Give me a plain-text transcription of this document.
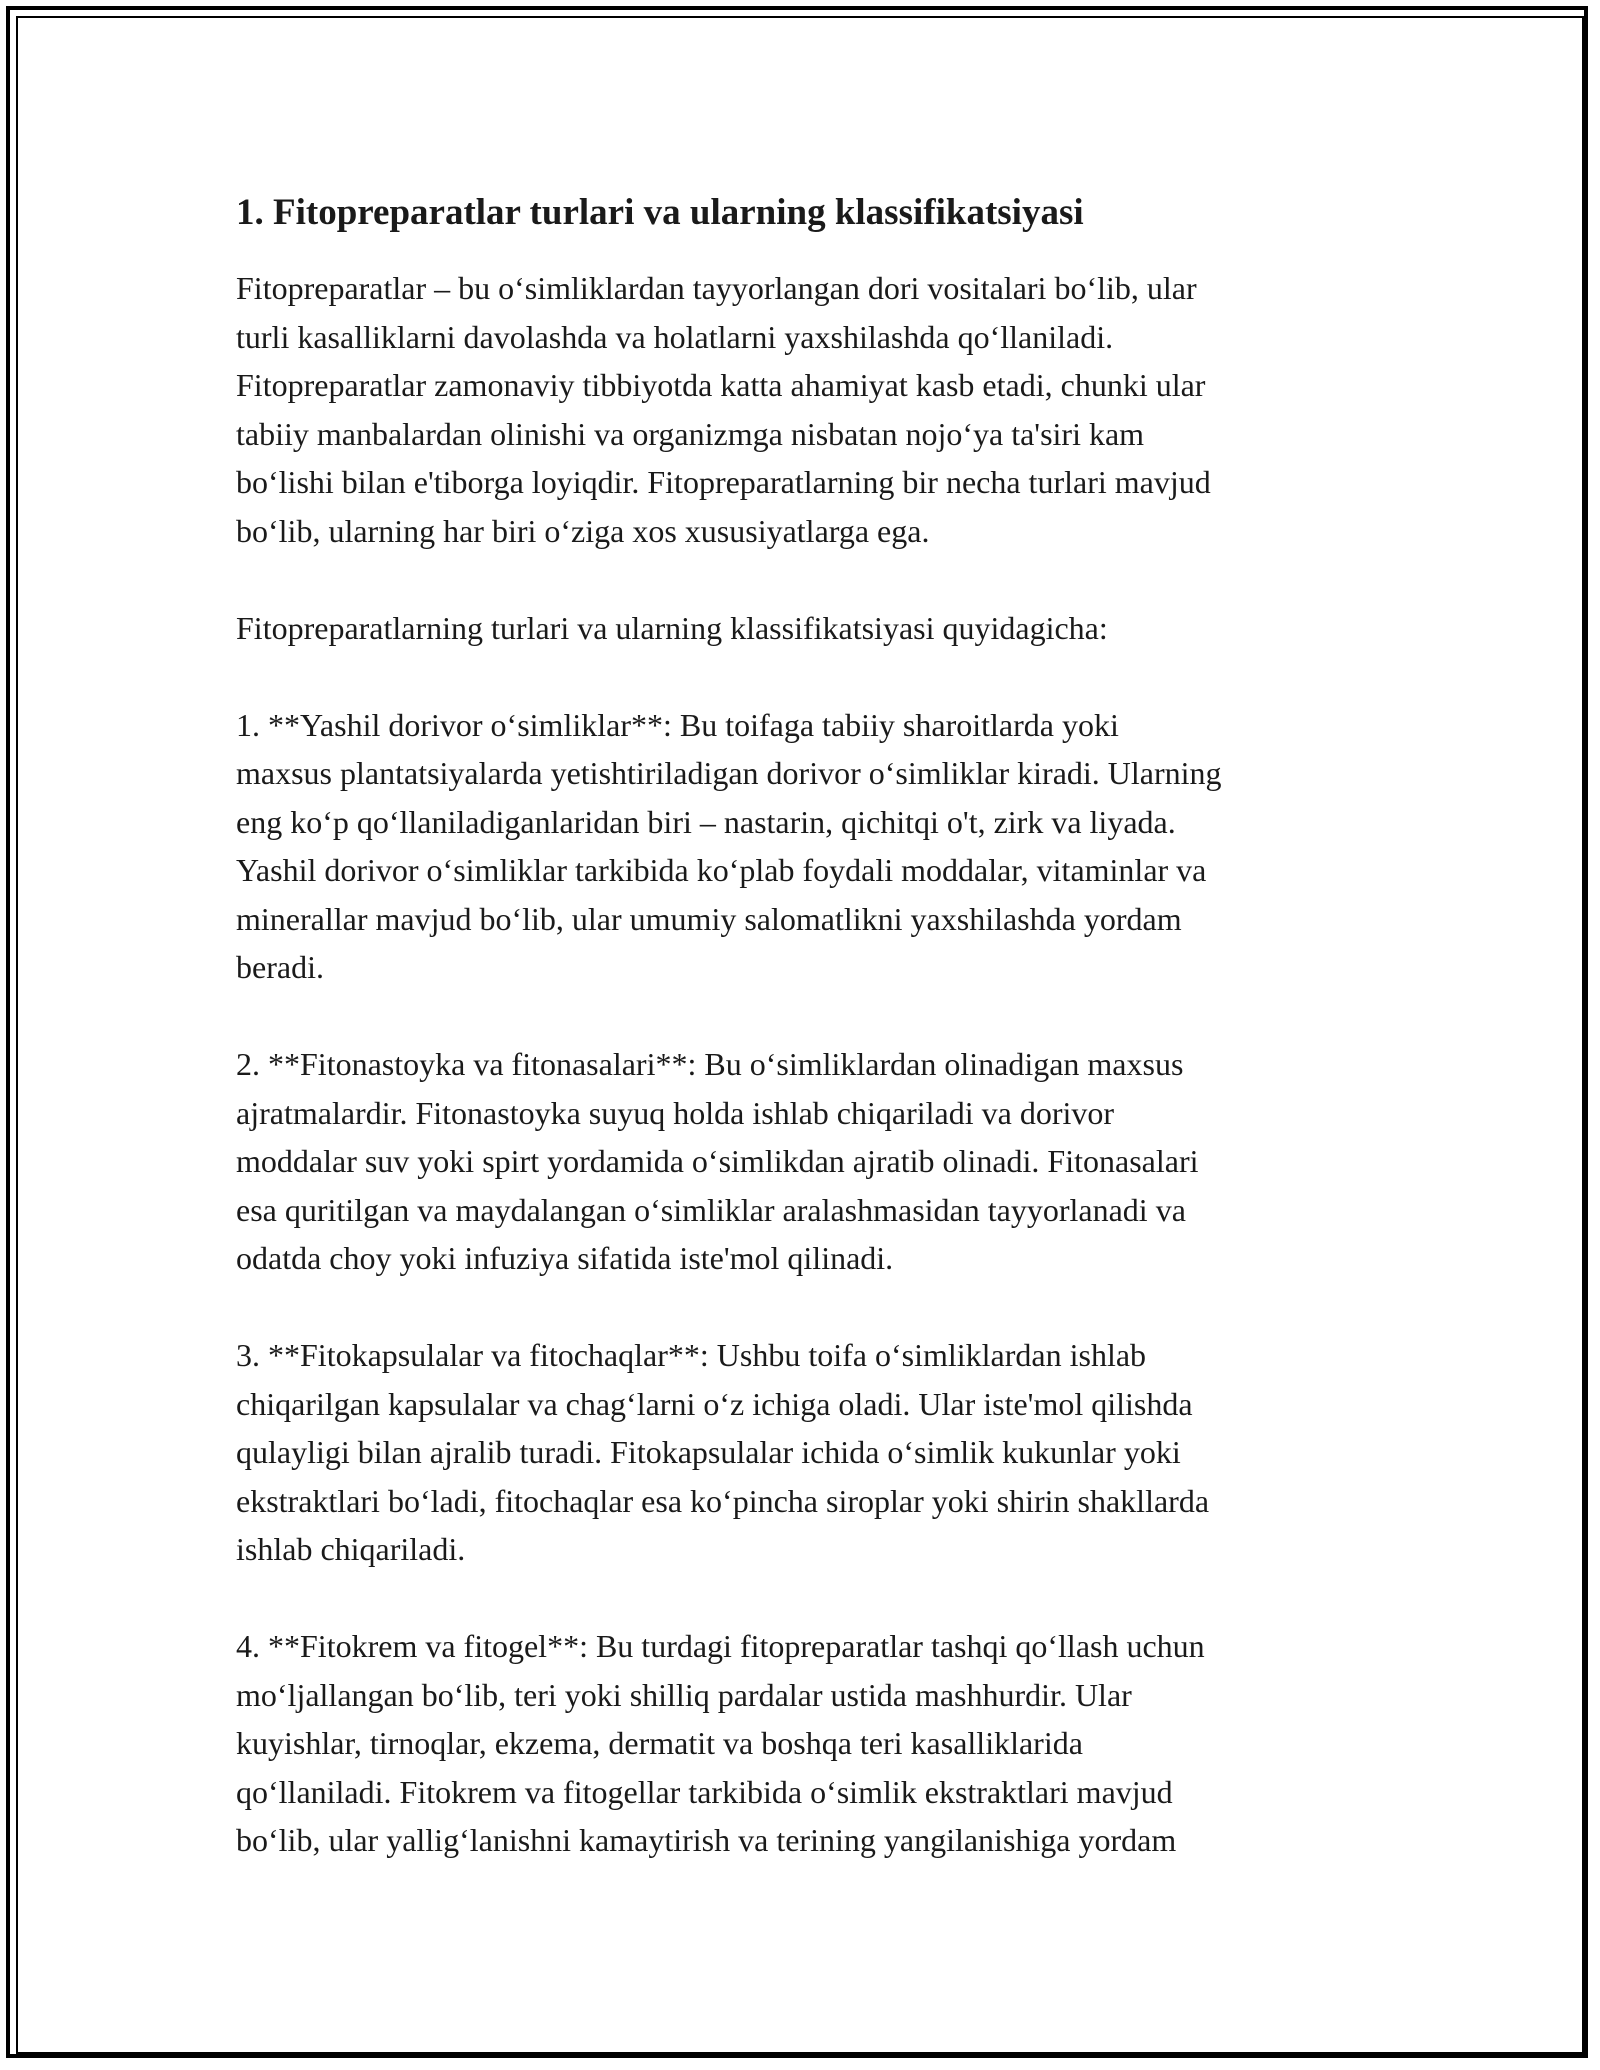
1. Fitopreparatlar turlari va ularning klassifikatsiyasi

Fitopreparatlar – bu o‘simliklardan tayyorlangan dori vositalari bo‘lib, ular
turli kasalliklarni davolashda va holatlarni yaxshilashda qo‘llaniladi.
Fitopreparatlar zamonaviy tibbiyotda katta ahamiyat kasb etadi, chunki ular
tabiiy manbalardan olinishi va organizmga nisbatan nojo‘ya ta'siri kam
bo‘lishi bilan e'tiborga loyiqdir. Fitopreparatlarning bir necha turlari mavjud
bo‘lib, ularning har biri o‘ziga xos xususiyatlarga ega.

Fitopreparatlarning turlari va ularning klassifikatsiyasi quyidagicha:

1. **Yashil dorivor o‘simliklar**: Bu toifaga tabiiy sharoitlarda yoki
maxsus plantatsiyalarda yetishtiriladigan dorivor o‘simliklar kiradi. Ularning
eng ko‘p qo‘llaniladiganlaridan biri – nastarin, qichitqi o't, zirk va liyada.
Yashil dorivor o‘simliklar tarkibida ko‘plab foydali moddalar, vitaminlar va
minerallar mavjud bo‘lib, ular umumiy salomatlikni yaxshilashda yordam
beradi.

2. **Fitonastoyka va fitonasalari**: Bu o‘simliklardan olinadigan maxsus
ajratmalardir. Fitonastoyka suyuq holda ishlab chiqariladi va dorivor
moddalar suv yoki spirt yordamida o‘simlikdan ajratib olinadi. Fitonasalari
esa quritilgan va maydalangan o‘simliklar aralashmasidan tayyorlanadi va
odatda choy yoki infuziya sifatida iste'mol qilinadi.

3. **Fitokapsulalar va fitochaqlar**: Ushbu toifa o‘simliklardan ishlab
chiqarilgan kapsulalar va chag‘larni o‘z ichiga oladi. Ular iste'mol qilishda
qulayligi bilan ajralib turadi. Fitokapsulalar ichida o‘simlik kukunlar yoki
ekstraktlari bo‘ladi, fitochaqlar esa ko‘pincha siroplar yoki shirin shakllarda
ishlab chiqariladi.

4. **Fitokrem va fitogel**: Bu turdagi fitopreparatlar tashqi qo‘llash uchun
mo‘ljallangan bo‘lib, teri yoki shilliq pardalar ustida mashhurdir. Ular
kuyishlar, tirnoqlar, ekzema, dermatit va boshqa teri kasalliklarida
qo‘llaniladi. Fitokrem va fitogellar tarkibida o‘simlik ekstraktlari mavjud
bo‘lib, ular yallig‘lanishni kamaytirish va terining yangilanishiga yordam
